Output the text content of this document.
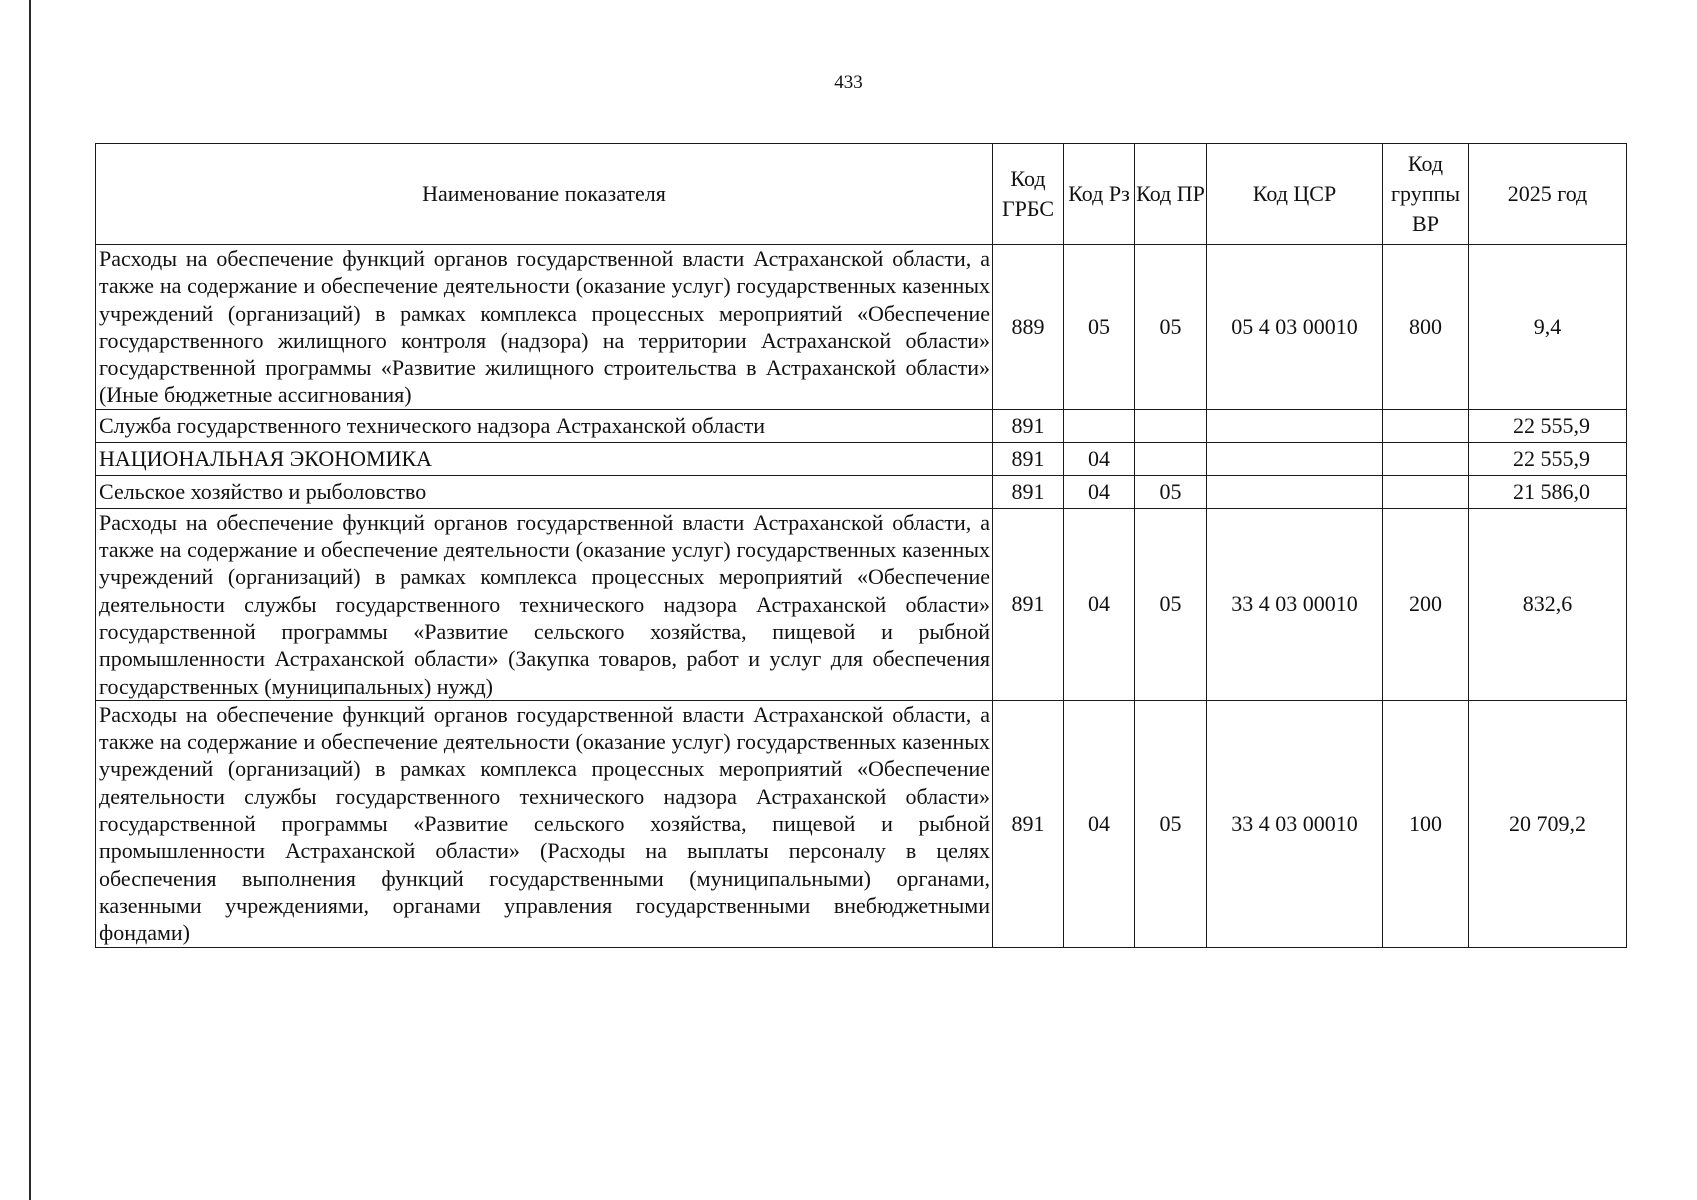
433
Наименование показателя	Код ГРБС	Код Рз	Код ПР	Код ЦСР	Код группы ВР	2025 год
Расходы на обеспечение функций органов государственной власти Астраханской области, а также на содержание и обеспечение деятельности (оказание услуг) государственных казенных учреждений (организаций) в рамках комплекса процессных мероприятий «Обеспечение государственного жилищного контроля (надзора) на территории Астраханской области» государственной программы «Развитие жилищного строительства в Астраханской области» (Иные бюджетные ассигнования)	889	05	05	05 4 03 00010	800	9,4
Служба государственного технического надзора Астраханской области	891					22 555,9
НАЦИОНАЛЬНАЯ ЭКОНОМИКА	891	04				22 555,9
Сельское хозяйство и рыболовство	891	04	05			21 586,0
Расходы на обеспечение функций органов государственной власти Астраханской области, а также на содержание и обеспечение деятельности (оказание услуг) государственных казенных учреждений (организаций) в рамках комплекса процессных мероприятий «Обеспечение деятельности службы государственного технического надзора Астраханской области» государственной программы «Развитие сельского хозяйства, пищевой и рыбной промышленности Астраханской области» (Закупка товаров, работ и услуг для обеспечения государственных (муниципальных) нужд)	891	04	05	33 4 03 00010	200	832,6
Расходы на обеспечение функций органов государственной власти Астраханской области, а также на содержание и обеспечение деятельности (оказание услуг) государственных казенных учреждений (организаций) в рамках комплекса процессных мероприятий «Обеспечение деятельности службы государственного технического надзора Астраханской области» государственной программы «Развитие сельского хозяйства, пищевой и рыбной промышленности Астраханской области» (Расходы на выплаты персоналу в целях обеспечения выполнения функций государственными (муниципальными) органами, казенными учреждениями, органами управления государственными внебюджетными фондами)	891	04	05	33 4 03 00010	100	20 709,2
